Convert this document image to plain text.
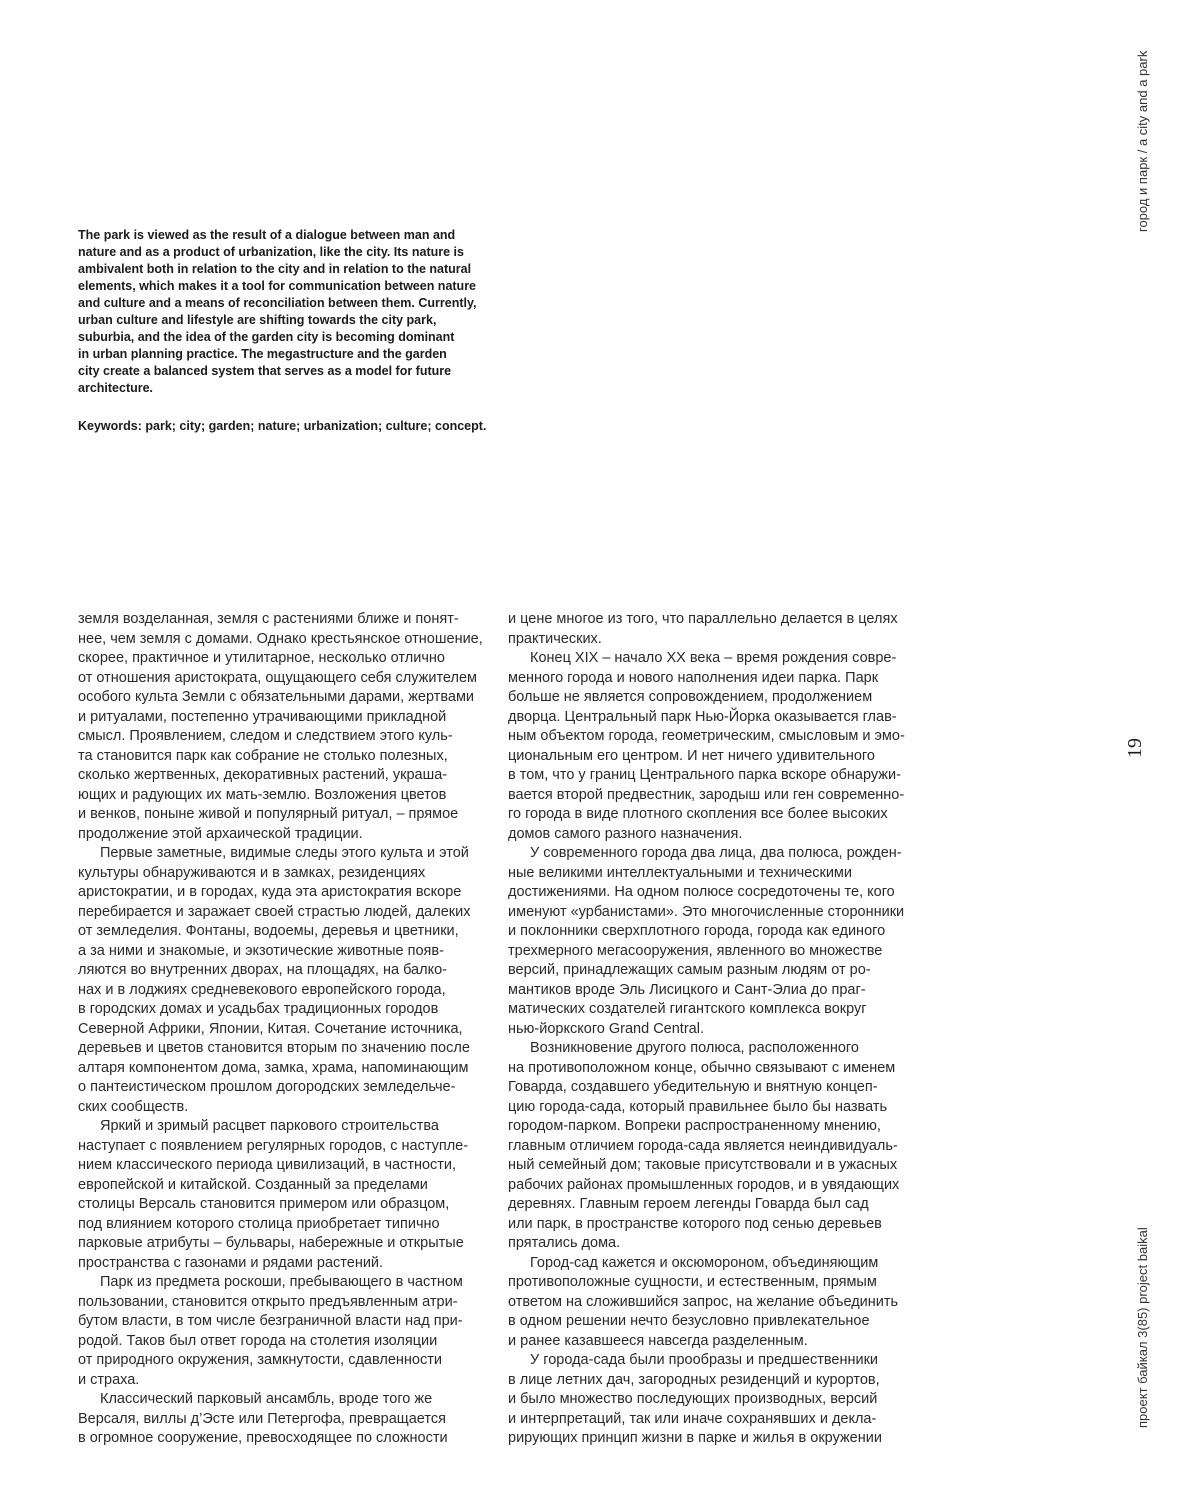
The park is viewed as the result of a dialogue between man and
nature and as a product of urbanization, like the city. Its nature is
ambivalent both in relation to the city and in relation to the natural
elements, which makes it a tool for communication between nature
and culture and a means of reconciliation between them. Currently,
urban culture and lifestyle are shifting towards the city park,
suburbia, and the idea of the garden city is becoming dominant
in urban planning practice. The megastructure and the garden
city create a balanced system that serves as a model for future
architecture.
Keywords: park; city; garden; nature; urbanization; culture; concept.

земля возделанная, земля с растениями ближе и понят-
нее, чем земля с домами. Однако крестьянское отношение,
скорее, практичное и утилитарное, несколько отлично
от отношения аристократа, ощущающего себя служителем
особого культа Земли с обязательными дарами, жертвами
и ритуалами, постепенно утрачивающими прикладной
смысл. Проявлением, следом и следствием этого куль-
та становится парк как собрание не столько полезных,
сколько жертвенных, декоративных растений, украша-
ющих и радующих их мать-землю. Возложения цветов
и венков, поныне живой и популярный ритуал, – прямое
продолжение этой архаической традиции.

Первые заметные, видимые следы этого культа и этой
культуры обнаруживаются и в замках, резиденциях
аристократии, и в городах, куда эта аристократия вскоре
перебирается и заражает своей страстью людей, далеких
от земледелия. Фонтаны, водоемы, деревья и цветники,
а за ними и знакомые, и экзотические животные появ-
ляются во внутренних дворах, на площадях, на балко-
нах и в лоджиях средневекового европейского города,
в городских домах и усадьбах традиционных городов
Северной Африки, Японии, Китая. Сочетание источника,
деревьев и цветов становится вторым по значению после
алтаря компонентом дома, замка, храма, напоминающим
о пантеистическом прошлом догородских земледельче-
ских сообществ.

Яркий и зримый расцвет паркового строительства
наступает с появлением регулярных городов, с наступле-
нием классического периода цивилизаций, в частности,
европейской и китайской. Созданный за пределами
столицы Версаль становится примером или образцом,
под влиянием которого столица приобретает типично
парковые атрибуты – бульвары, набережные и открытые
пространства с газонами и рядами растений.

Парк из предмета роскоши, пребывающего в частном
пользовании, становится открыто предъявленным атри-
бутом власти, в том числе безграничной власти над при-
родой. Таков был ответ города на столетия изоляции
от природного окружения, замкнутости, сдавленности
и страха.

Классический парковый ансамбль, вроде того же
Версаля, виллы д’Эсте или Петергофа, превращается
в огромное сооружение, превосходящее по сложности

и цене многое из того, что параллельно делается в целях
практических.

Конец XIX – начало XX века – время рождения совре-
менного города и нового наполнения идеи парка. Парк
больше не является сопровождением, продолжением
дворца. Центральный парк Нью-Йорка оказывается глав-
ным объектом города, геометрическим, смысловым и эмо-
циональным его центром. И нет ничего удивительного
в том, что у границ Центрального парка вскоре обнаружи-
вается второй предвестник, зародыш или ген современно-
го города в виде плотного скопления все более высоких
домов самого разного назначения.

У современного города два лица, два полюса, рожден-
ные великими интеллектуальными и техническими
достижениями. На одном полюсе сосредоточены те, кого
именуют «урбанистами». Это многочисленные сторонники
и поклонники сверхплотного города, города как единого
трехмерного мегасооружения, явленного во множестве
версий, принадлежащих самым разным людям от ро-
мантиков вроде Эль Лисицкого и Сант-Элиа до праг-
матических создателей гигантского комплекса вокруг
нью-йоркского Grand Central.

Возникновение другого полюса, расположенного
на противоположном конце, обычно связывают с именем
Говарда, создавшего убедительную и внятную концеп-
цию города-сада, который правильнее было бы назвать
городом-парком. Вопреки распространенному мнению,
главным отличием города-сада является неиндивидуаль-
ный семейный дом; таковые присутствовали и в ужасных
рабочих районах промышленных городов, и в увядающих
деревнях. Главным героем легенды Говарда был сад
или парк, в пространстве которого под сенью деревьев
прятались дома.

Город-сад кажется и оксюмороном, объединяющим
противоположные сущности, и естественным, прямым
ответом на сложившийся запрос, на желание объединить
в одном решении нечто безусловно привлекательное
и ранее казавшееся навсегда разделенным.

У города-сада были прообразы и предшественники
в лице летних дач, загородных резиденций и курортов,
и было множество последующих производных, версий
и интерпретаций, так или иначе сохранявших и декла-
рирующих принцип жизни в парке и жилья в окружении

город и парк / a city and a park
19
проект байкал 3(85) project baikal
